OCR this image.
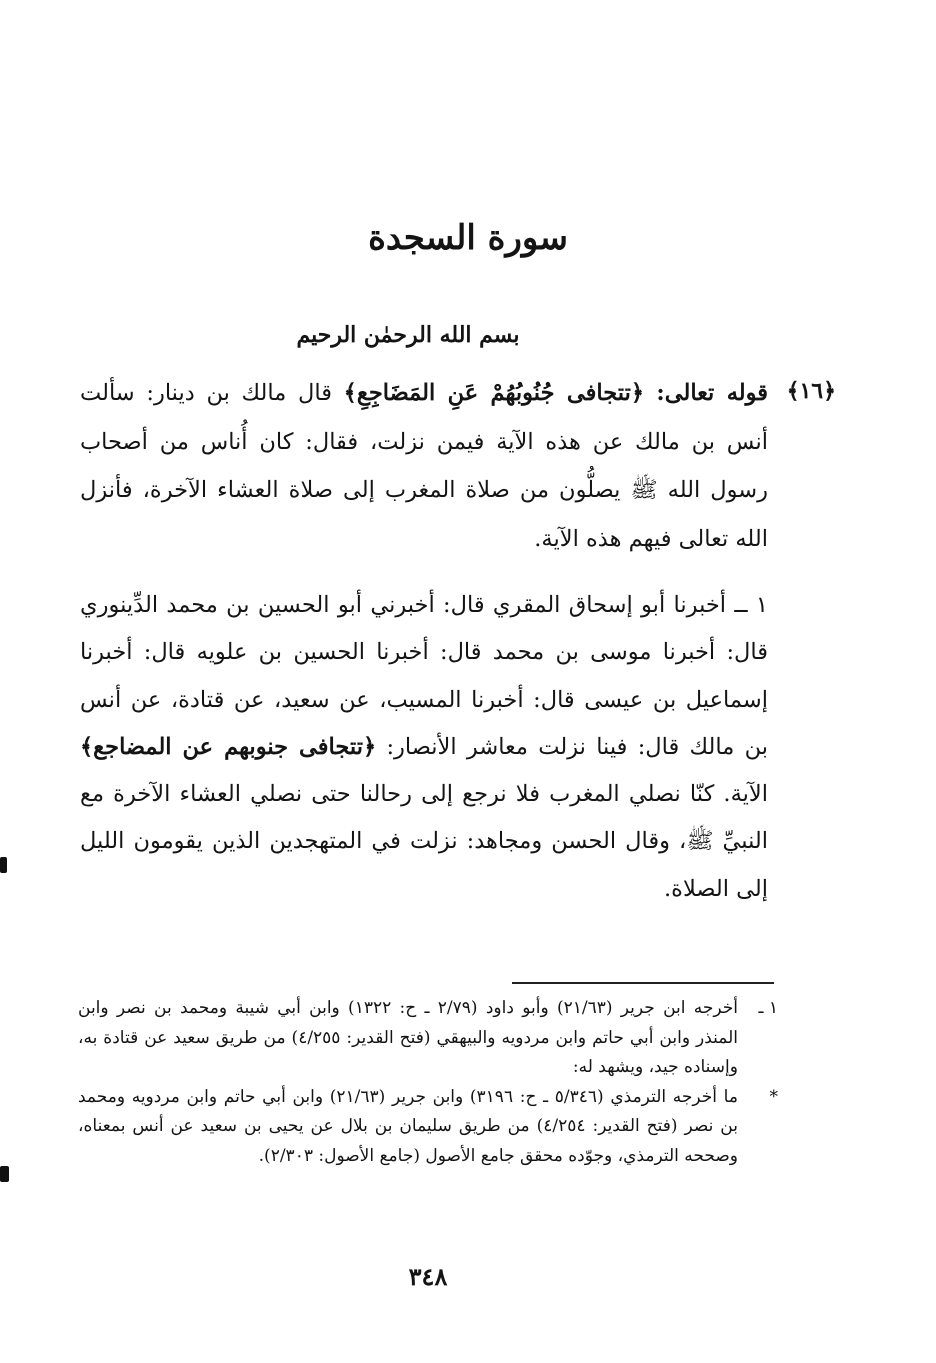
سورة السجدة
بسم الله الرحمٰن الرحيم
﴿١٦﴾
قوله تعالى: ﴿تتجافى جُنُوبُهُمْ عَنِ المَضَاجِعِ﴾ قال مالك بن دينار: سألت أنس بن مالك عن هذه الآية فيمن نزلت، فقال: كان أُناس من أصحاب رسول الله ﷺ يصلُّون من صلاة المغرب إلى صلاة العشاء الآخرة، فأنزل الله تعالى فيهم هذه الآية.
١ ــ أخبرنا أبو إسحاق المقري قال: أخبرني أبو الحسين بن محمد الدِّينوري قال: أخبرنا موسى بن محمد قال: أخبرنا الحسين بن علويه قال: أخبرنا إسماعيل بن عيسى قال: أخبرنا المسيب، عن سعيد، عن قتادة، عن أنس بن مالك قال: فينا نزلت معاشر الأنصار: ﴿تتجافى جنوبهم عن المضاجع﴾ الآية. كنّا نصلي المغرب فلا نرجع إلى رحالنا حتى نصلي العشاء الآخرة مع النبيِّ ﷺ، وقال الحسن ومجاهد: نزلت في المتهجدين الذين يقومون الليل إلى الصلاة.
١ ـ
أخرجه ابن جرير (٢١/٦٣) وأبو داود (٢/٧٩ ـ ح: ١٣٢٢) وابن أبي شيبة ومحمد بن نصر وابن المنذر وابن أبي حاتم وابن مردويه والبيهقي (فتح القدير: ٤/٢٥٥) من طريق سعيد عن قتادة به، وإسناده جيد، ويشهد له:
*
ما أخرجه الترمذي (٥/٣٤٦ ـ ح: ٣١٩٦) وابن جرير (٢١/٦٣) وابن أبي حاتم وابن مردويه ومحمد بن نصر (فتح القدير: ٤/٢٥٤) من طريق سليمان بن بلال عن يحيى بن سعيد عن أنس بمعناه، وصححه الترمذي، وجوّده محقق جامع الأصول (جامع الأصول: ٢/٣٠٣).
٣٤٨
